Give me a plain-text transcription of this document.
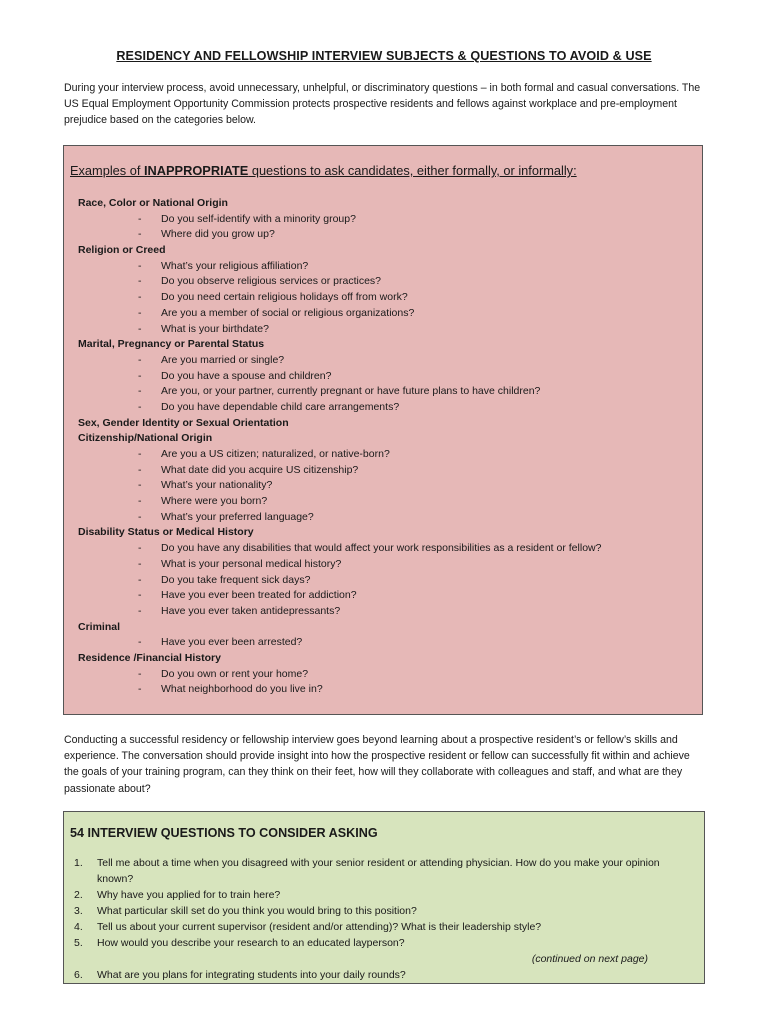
RESIDENCY AND FELLOWSHIP INTERVIEW SUBJECTS & QUESTIONS TO AVOID & USE
During your interview process, avoid unnecessary, unhelpful, or discriminatory questions – in both formal and casual conversations. The US Equal Employment Opportunity Commission protects prospective residents and fellows against workplace and pre-employment prejudice based on the categories below.
Examples of INAPPROPRIATE questions to ask candidates, either formally, or informally:
Race, Color or National Origin
- Do you self-identify with a minority group?
- Where did you grow up?
Religion or Creed
- What’s your religious affiliation?
- Do you observe religious services or practices?
- Do you need certain religious holidays off from work?
- Are you a member of social or religious organizations?
- What is your birthdate?
Marital, Pregnancy or Parental Status
- Are you married or single?
- Do you have a spouse and children?
- Are you, or your partner, currently pregnant or have future plans to have children?
- Do you have dependable child care arrangements?
Sex, Gender Identity or Sexual Orientation
Citizenship/National Origin
- Are you a US citizen; naturalized, or native-born?
- What date did you acquire US citizenship?
- What’s your nationality?
- Where were you born?
- What’s your preferred language?
Disability Status or Medical History
- Do you have any disabilities that would affect your work responsibilities as a resident or fellow?
- What is your personal medical history?
- Do you take frequent sick days?
- Have you ever been treated for addiction?
- Have you ever taken antidepressants?
Criminal
- Have you ever been arrested?
Residence /Financial History
- Do you own or rent your home?
- What neighborhood do you live in?
Conducting a successful residency or fellowship interview goes beyond learning about a prospective resident’s or fellow’s skills and experience. The conversation should provide insight into how the prospective resident or fellow can successfully fit within and achieve the goals of your training program, can they think on their feet, how will they collaborate with colleagues and staff, and what are they passionate about?
54 INTERVIEW QUESTIONS TO CONSIDER ASKING
1. Tell me about a time when you disagreed with your senior resident or attending physician. How do you make your opinion known?
2. Why have you applied for to train here?
3. What particular skill set do you think you would bring to this position?
4. Tell us about your current supervisor (resident and/or attending)? What is their leadership style?
5. How would you describe your research to an educated layperson?
(continued on next page)
6. What are you plans for integrating students into your daily rounds?
